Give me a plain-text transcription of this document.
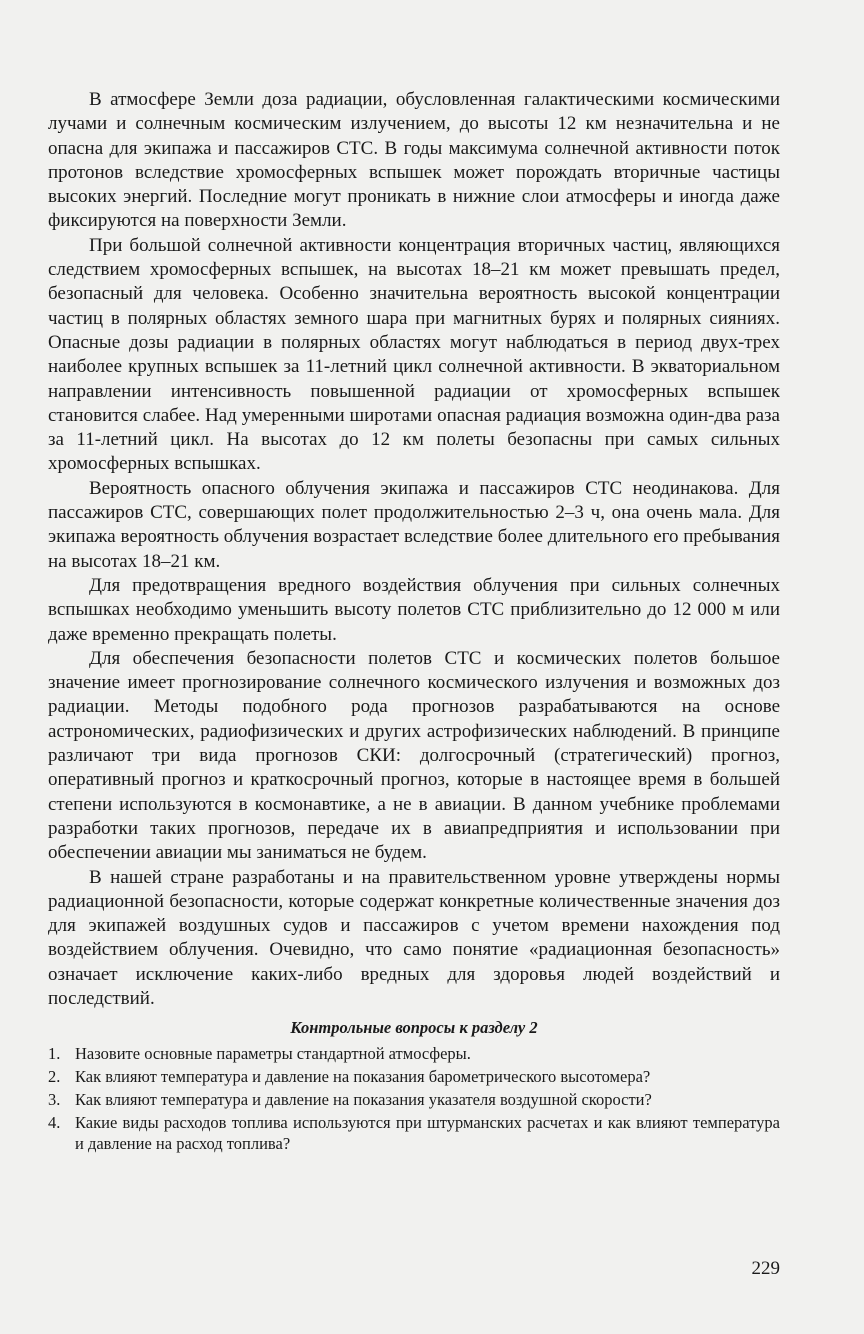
В атмосфере Земли доза радиации, обусловленная галактическими космическими лучами и солнечным космическим излучением, до высоты 12 км незначительна и не опасна для экипажа и пассажиров СТС. В годы максимума солнечной активности поток протонов вследствие хромосферных вспышек может порождать вторичные частицы высоких энергий. Последние могут проникать в нижние слои атмосферы и иногда даже фиксируются на поверхности Земли.

При большой солнечной активности концентрация вторичных частиц, являющихся следствием хромосферных вспышек, на высотах 18–21 км может превышать предел, безопасный для человека. Особенно значительна вероятность высокой концентрации частиц в полярных областях земного шара при магнитных бурях и полярных сияниях. Опасные дозы радиации в полярных областях могут наблюдаться в период двух-трех наиболее крупных вспышек за 11-летний цикл солнечной активности. В экваториальном направлении интенсивность повышенной радиации от хромосферных вспышек становится слабее. Над умеренными широтами опасная радиация возможна один-два раза за 11-летний цикл. На высотах до 12 км полеты безопасны при самых сильных хромосферных вспышках.

Вероятность опасного облучения экипажа и пассажиров СТС неодинакова. Для пассажиров СТС, совершающих полет продолжительностью 2–3 ч, она очень мала. Для экипажа вероятность облучения возрастает вследствие более длительного его пребывания на высотах 18–21 км.

Для предотвращения вредного воздействия облучения при сильных солнечных вспышках необходимо уменьшить высоту полетов СТС приблизительно до 12 000 м или даже временно прекращать полеты.

Для обеспечения безопасности полетов СТС и космических полетов большое значение имеет прогнозирование солнечного космического излучения и возможных доз радиации. Методы подобного рода прогнозов разрабатываются на основе астрономических, радиофизических и других астрофизических наблюдений. В принципе различают три вида прогнозов СКИ: долгосрочный (стратегический) прогноз, оперативный прогноз и краткосрочный прогноз, которые в настоящее время в большей степени используются в космонавтике, а не в авиации. В данном учебнике проблемами разработки таких прогнозов, передаче их в авиапредприятия и использовании при обеспечении авиации мы заниматься не будем.

В нашей стране разработаны и на правительственном уровне утверждены нормы радиационной безопасности, которые содержат конкретные количественные значения доз для экипажей воздушных судов и пассажиров с учетом времени нахождения под воздействием облучения. Очевидно, что само понятие «радиационная безопасность» означает исключение каких-либо вредных для здоровья людей воздействий и последствий.

Контрольные вопросы к разделу 2
1. Назовите основные параметры стандартной атмосферы.
2. Как влияют температура и давление на показания барометрического высотомера?
3. Как влияют температура и давление на показания указателя воздушной скорости?
4. Какие виды расходов топлива используются при штурманских расчетах и как влияют температура и давление на расход топлива?
229
